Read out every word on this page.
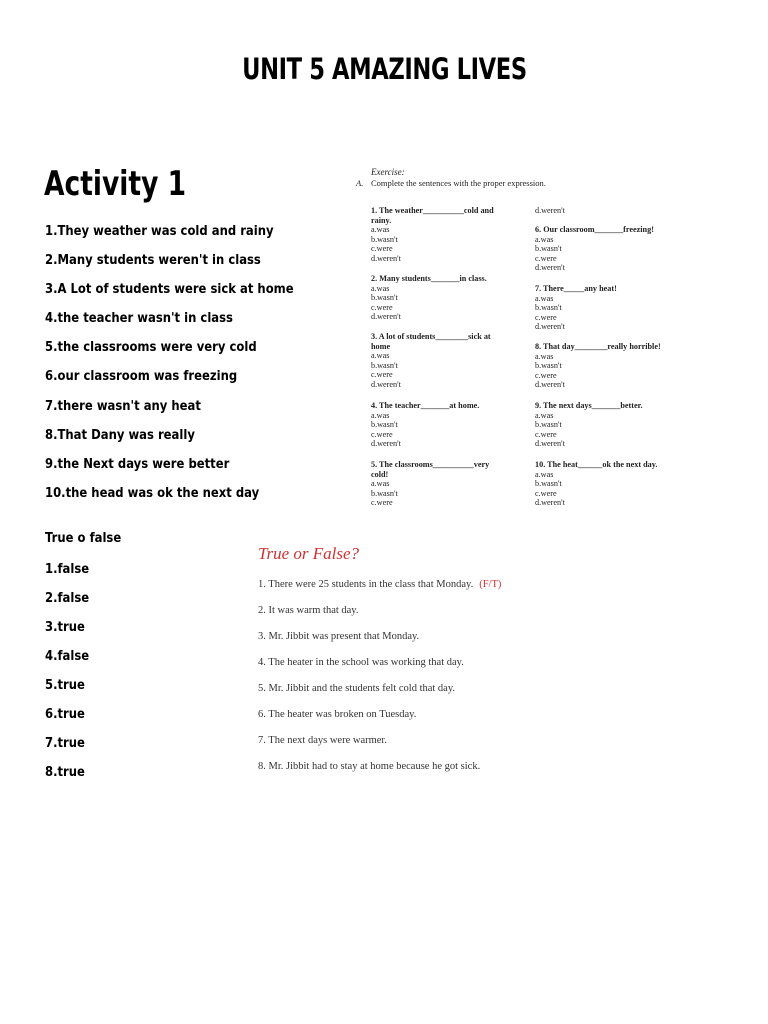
UNIT 5 AMAZING LIVES
Activity 1
1.They weather was cold and rainy
2.Many students weren't in class
3.A Lot of students were sick at home
4.the teacher wasn't in class
5.the classrooms were very cold
6.our classroom was freezing
7.there wasn't any heat
8.That Dany was really
9.the Next days were better
10.the head was ok the next day
True o false
1.false
2.false
3.true
4.false
5.true
6.true
7.true
8.true
Exercise:
A. Complete the sentences with the proper expression.
1. The weather__________cold and
rainy.
a.was
b.wasn't
c.were
d.weren't
2. Many students_______in class.
a.was
b.wasn't
c.were
d.weren't
3. A lot of students________sick at
home
a.was
b.wasn't
c.were
d.weren't
4. The teacher_______at home.
a.was
b.wasn't
c.were
d.weren't
5. The classrooms__________very
cold!
a.was
b.wasn't
c.were
d.weren't
6. Our classroom_______freezing!
a.was
b.wasn't
c.were
d.weren't
7. There_____any heat!
a.was
b.wasn't
c.were
d.weren't
8. That day________really horrible!
a.was
b.wasn't
c.were
d.weren't
9. The next days_______better.
a.was
b.wasn't
c.were
d.weren't
10. The heat______ok the next day.
a.was
b.wasn't
c.were
d.weren't
True or False?
1. There were 25 students in the class that Monday. (F/T)
2. It was warm that day.
3. Mr. Jibbit was present that Monday.
4. The heater in the school was working that day.
5. Mr. Jibbit and the students felt cold that day.
6. The heater was broken on Tuesday.
7. The next days were warmer.
8. Mr. Jibbit had to stay at home because he got sick.
